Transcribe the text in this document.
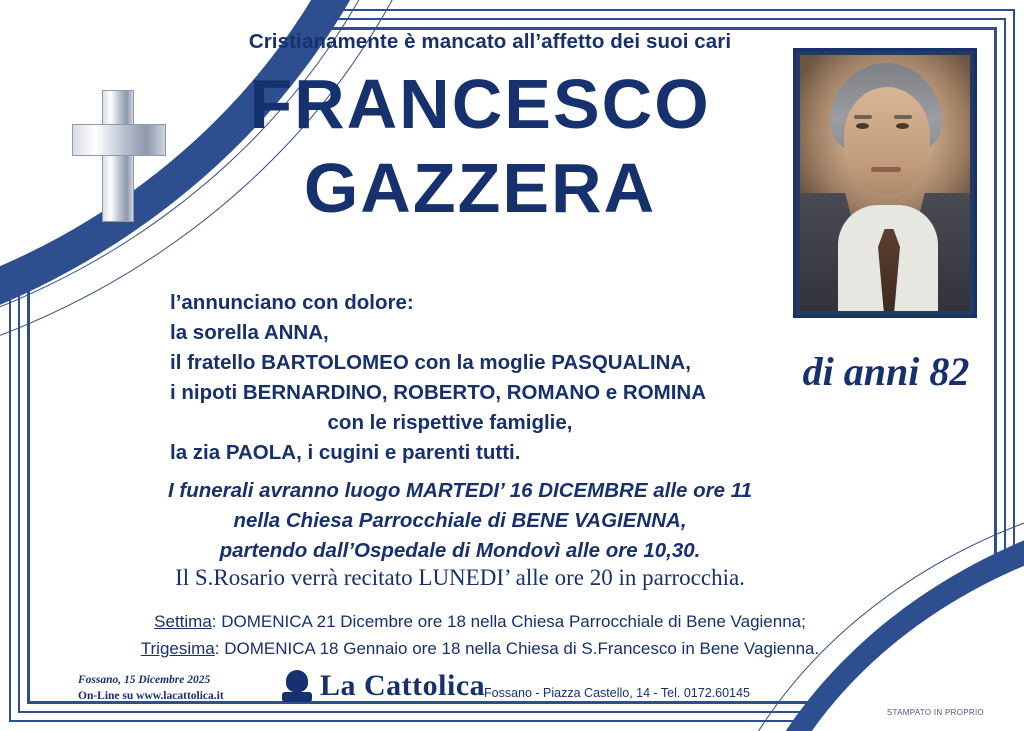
Cristianamente è mancato all’affetto dei suoi cari
FRANCESCO
GAZZERA
di anni 82
l’annunciano con dolore:
la sorella ANNA,
il fratello BARTOLOMEO con la moglie PASQUALINA,
i nipoti BERNARDINO, ROBERTO, ROMANO e ROMINA
con le rispettive famiglie,
la zia PAOLA, i cugini e parenti tutti.
I funerali avranno luogo MARTEDI’ 16 DICEMBRE alle ore 11
nella Chiesa Parrocchiale di BENE VAGIENNA,
partendo dall’Ospedale di Mondovì alle ore 10,30.
Il S.Rosario verrà recitato LUNEDI’ alle ore 20 in parrocchia.
Settima: DOMENICA 21 Dicembre ore 18 nella Chiesa Parrocchiale di Bene Vagienna;
Trigesima: DOMENICA 18 Gennaio ore 18 nella Chiesa di S.Francesco in Bene Vagienna.
Fossano, 15 Dicembre 2025
On-Line su www.lacattolica.it	La Cattolica
Fossano - Piazza Castello, 14 - Tel. 0172.60145
STAMPATO IN PROPRIO
